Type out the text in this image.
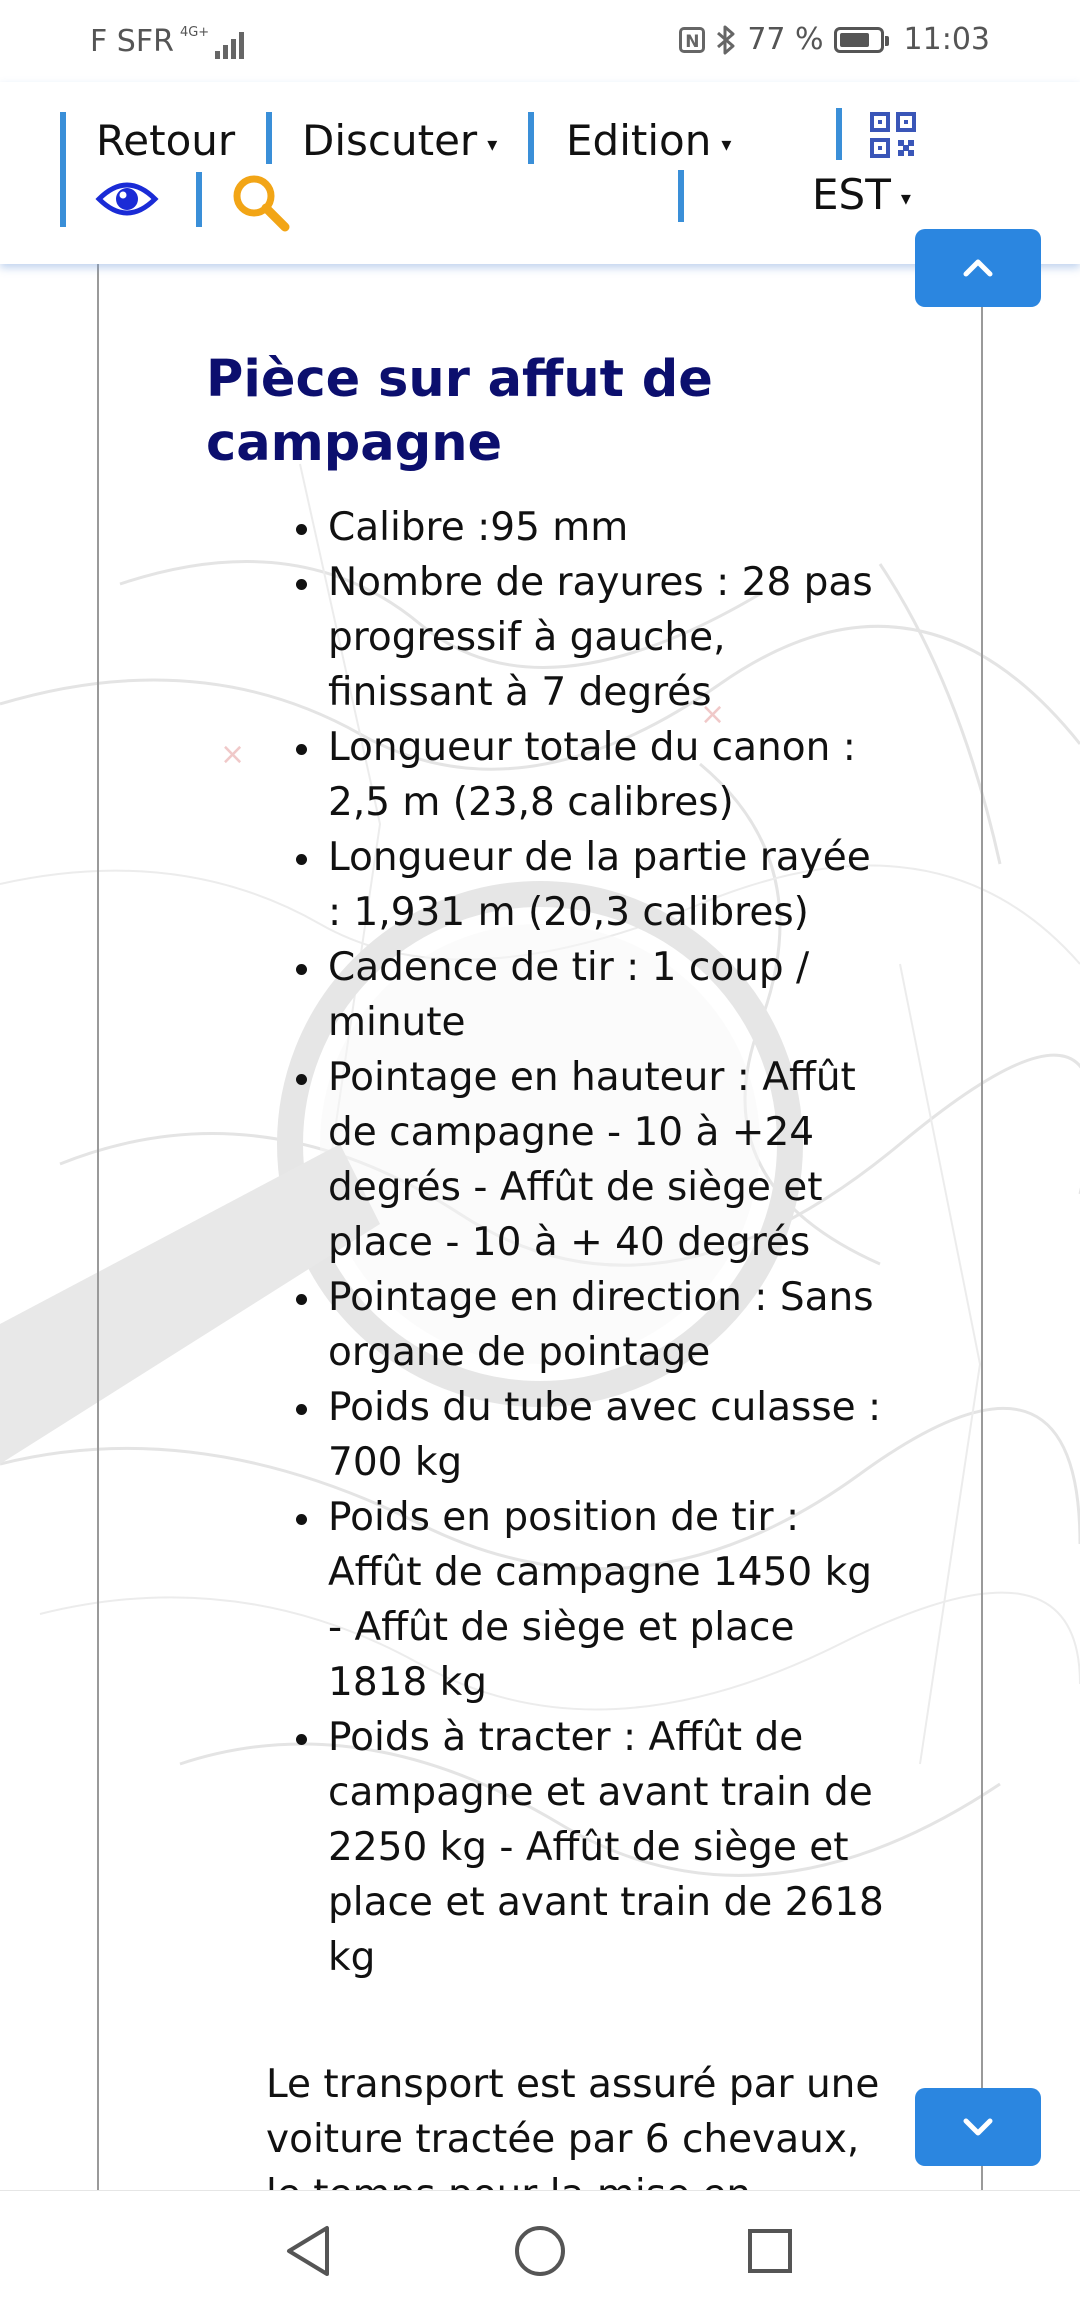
F SFR 4G+	N 77 %	11:03
Retour Discuter ▾ Edition ▾
EST ▾
×
×
Pièce sur affut de campagne
Calibre :95 mm
Nombre de rayures : 28 pas progressif à gauche, finissant à 7 degrés
Longueur totale du canon : 2,5 m (23,8 calibres)
Longueur de la partie rayée : 1,931 m (20,3 calibres)
Cadence de tir : 1 coup / minute
Pointage en hauteur : Affût de campagne - 10 à +24 degrés - Affût de siège et place - 10 à + 40 degrés
Pointage en direction : Sans organe de pointage
Poids du tube avec culasse : 700 kg
Poids en position de tir : Affût de campagne 1450 kg - Affût de siège et place 1818 kg
Poids à tracter : Affût de campagne et avant train de 2250 kg - Affût de siège et place et avant train de 2618 kg

Le transport est assuré par une voiture tractée par 6 chevaux,
